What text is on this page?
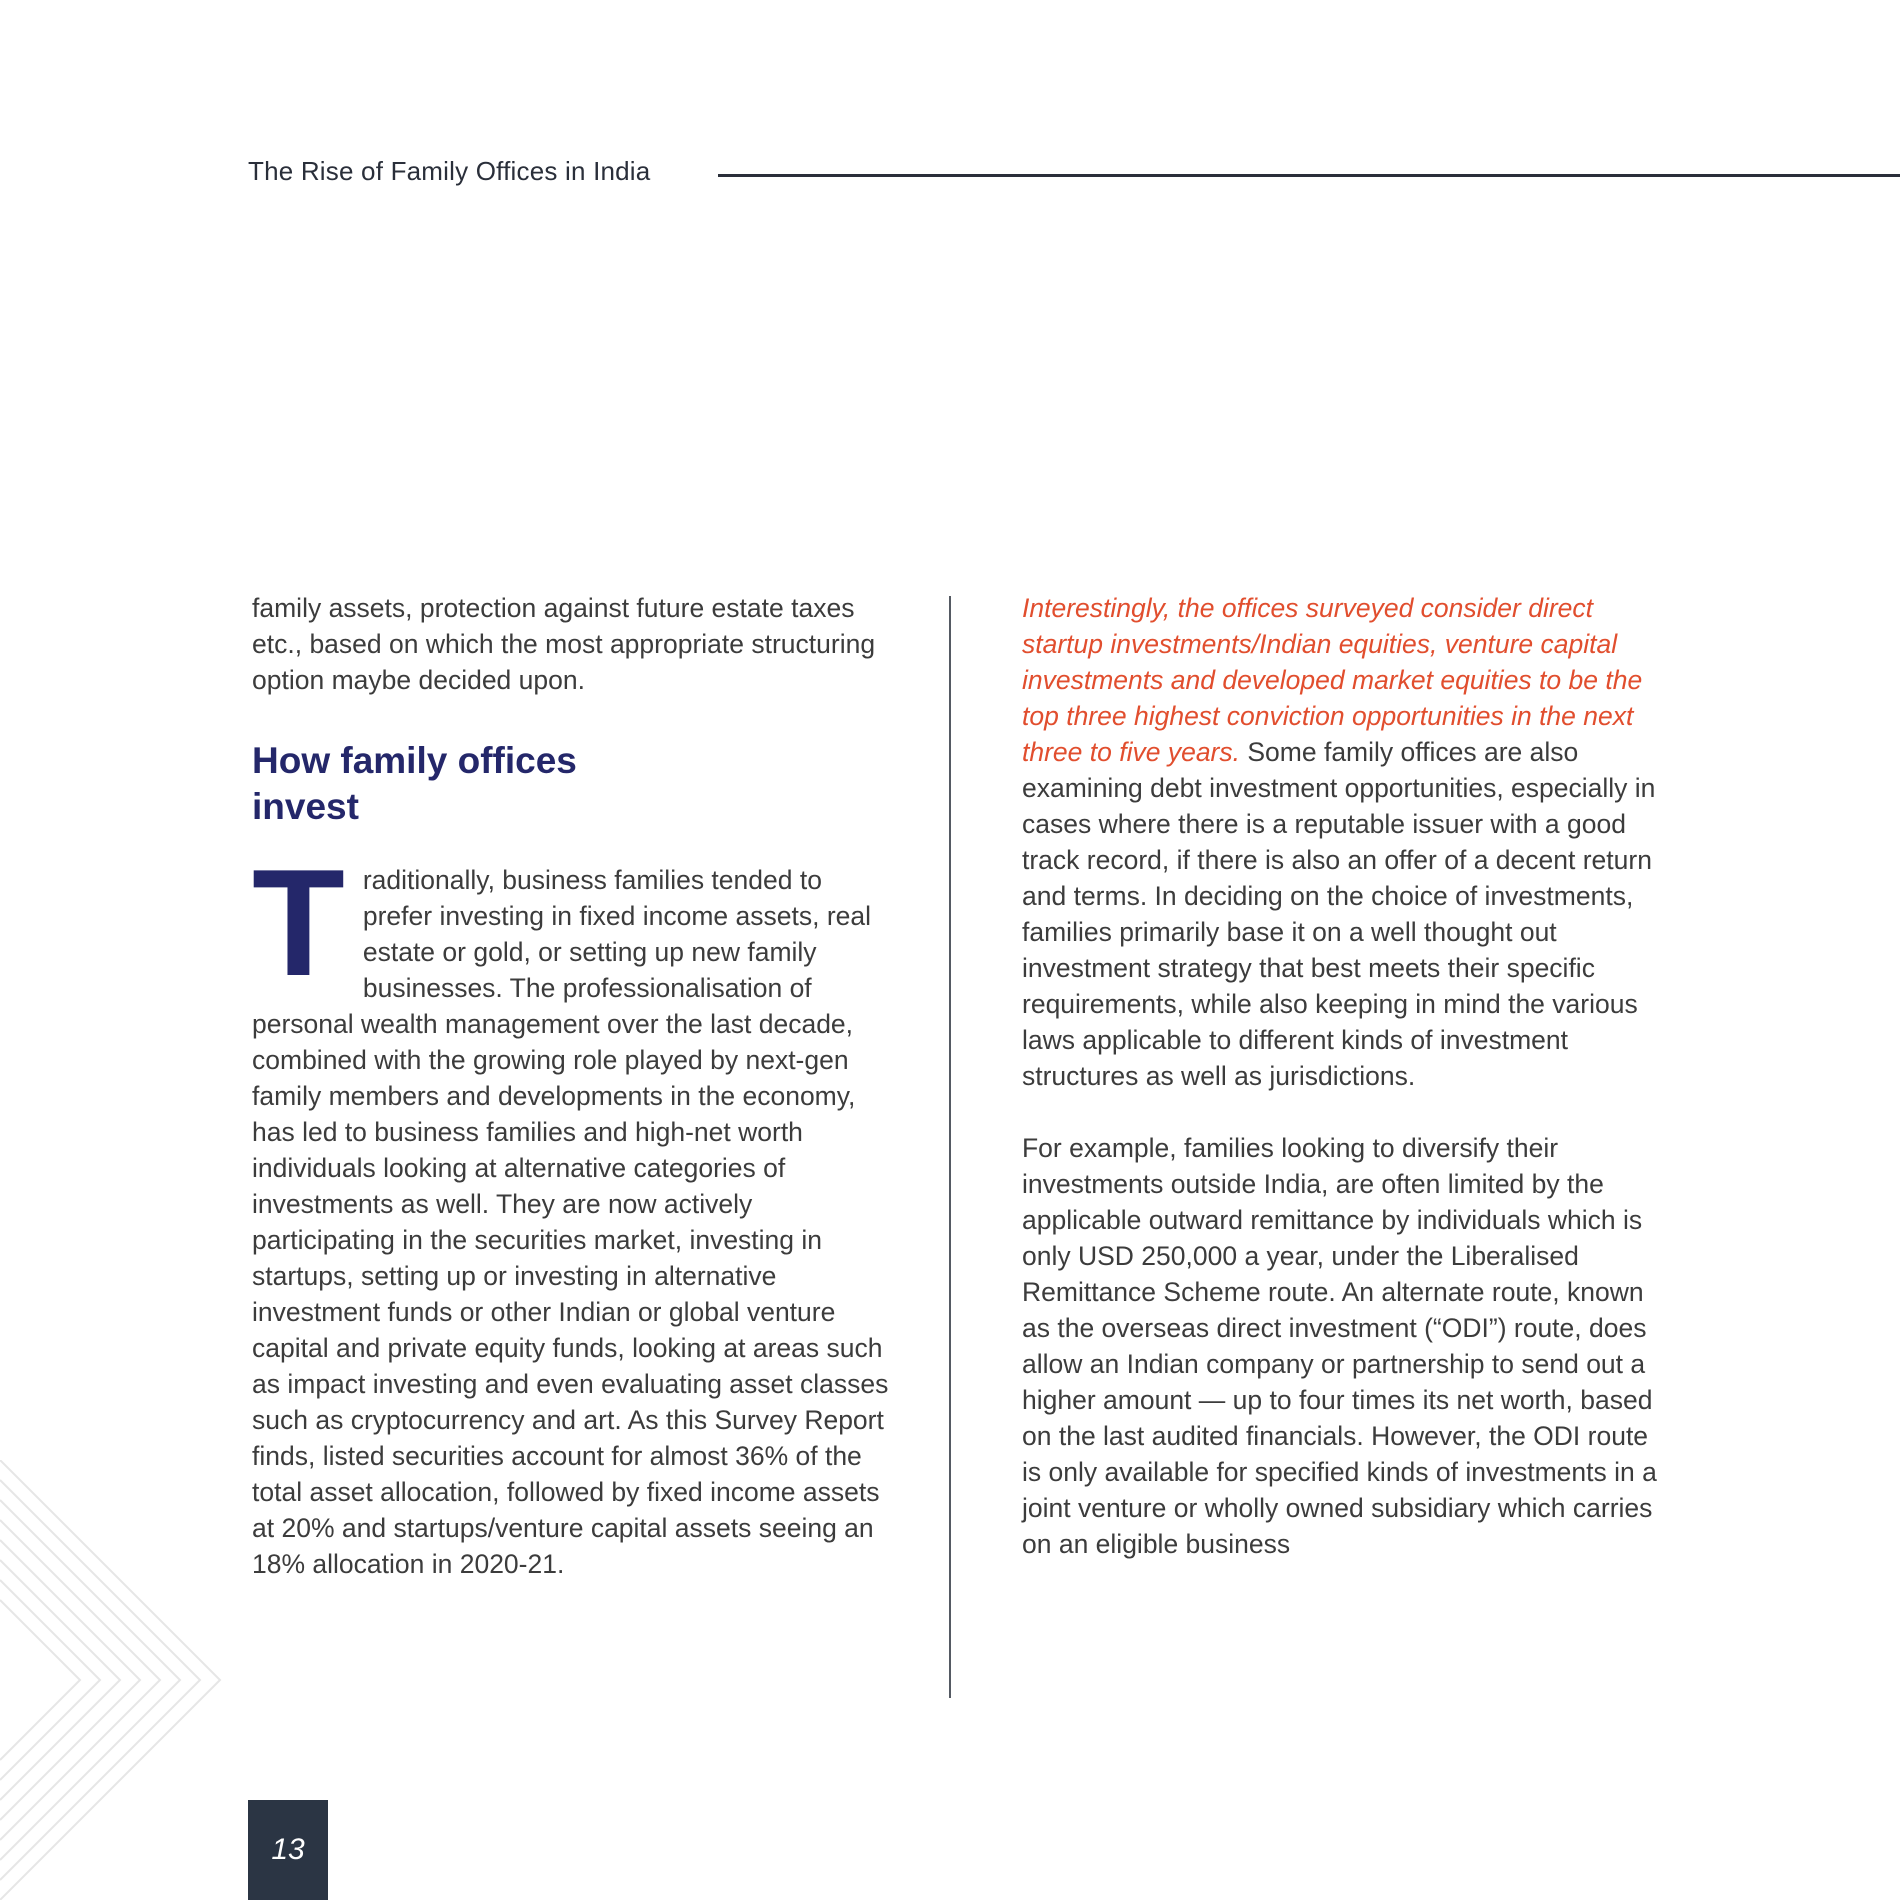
The Rise of Family Offices in India

family assets, protection against future estate taxes etc., based on which the most appropriate structuring option maybe decided upon.

How family offices
invest

Traditionally, business families tended to prefer investing in fixed income assets, real estate or gold, or setting up new family businesses. The professionalisation of personal wealth management over the last decade, combined with the growing role played by next-gen family members and developments in the economy, has led to business families and high-net worth individuals looking at alternative categories of investments as well. They are now actively participating in the securities market, investing in startups, setting up or investing in alternative investment funds or other Indian or global venture capital and private equity funds, looking at areas such as impact investing and even evaluating asset classes such as cryptocurrency and art. As this Survey Report finds, listed securities account for almost 36% of the total asset allocation, followed by fixed income assets at 20% and startups/venture capital assets seeing an 18% allocation in 2020-21.

Interestingly, the offices surveyed consider direct startup investments/Indian equities, venture capital investments and developed market equities to be the top three highest conviction opportunities in the next three to five years. Some family offices are also examining debt investment opportunities, especially in cases where there is a reputable issuer with a good track record, if there is also an offer of a decent return and terms. In deciding on the choice of investments, families primarily base it on a well thought out investment strategy that best meets their specific requirements, while also keeping in mind the various laws applicable to different kinds of investment structures as well as jurisdictions.

For example, families looking to diversify their investments outside India, are often limited by the applicable outward remittance by individuals which is only USD 250,000 a year, under the Liberalised Remittance Scheme route. An alternate route, known as the overseas direct investment (“ODI”) route, does allow an Indian company or partnership to send out a higher amount — up to four times its net worth, based on the last audited financials. However, the ODI route is only available for specified kinds of investments in a joint venture or wholly owned subsidiary which carries on an eligible business

13
